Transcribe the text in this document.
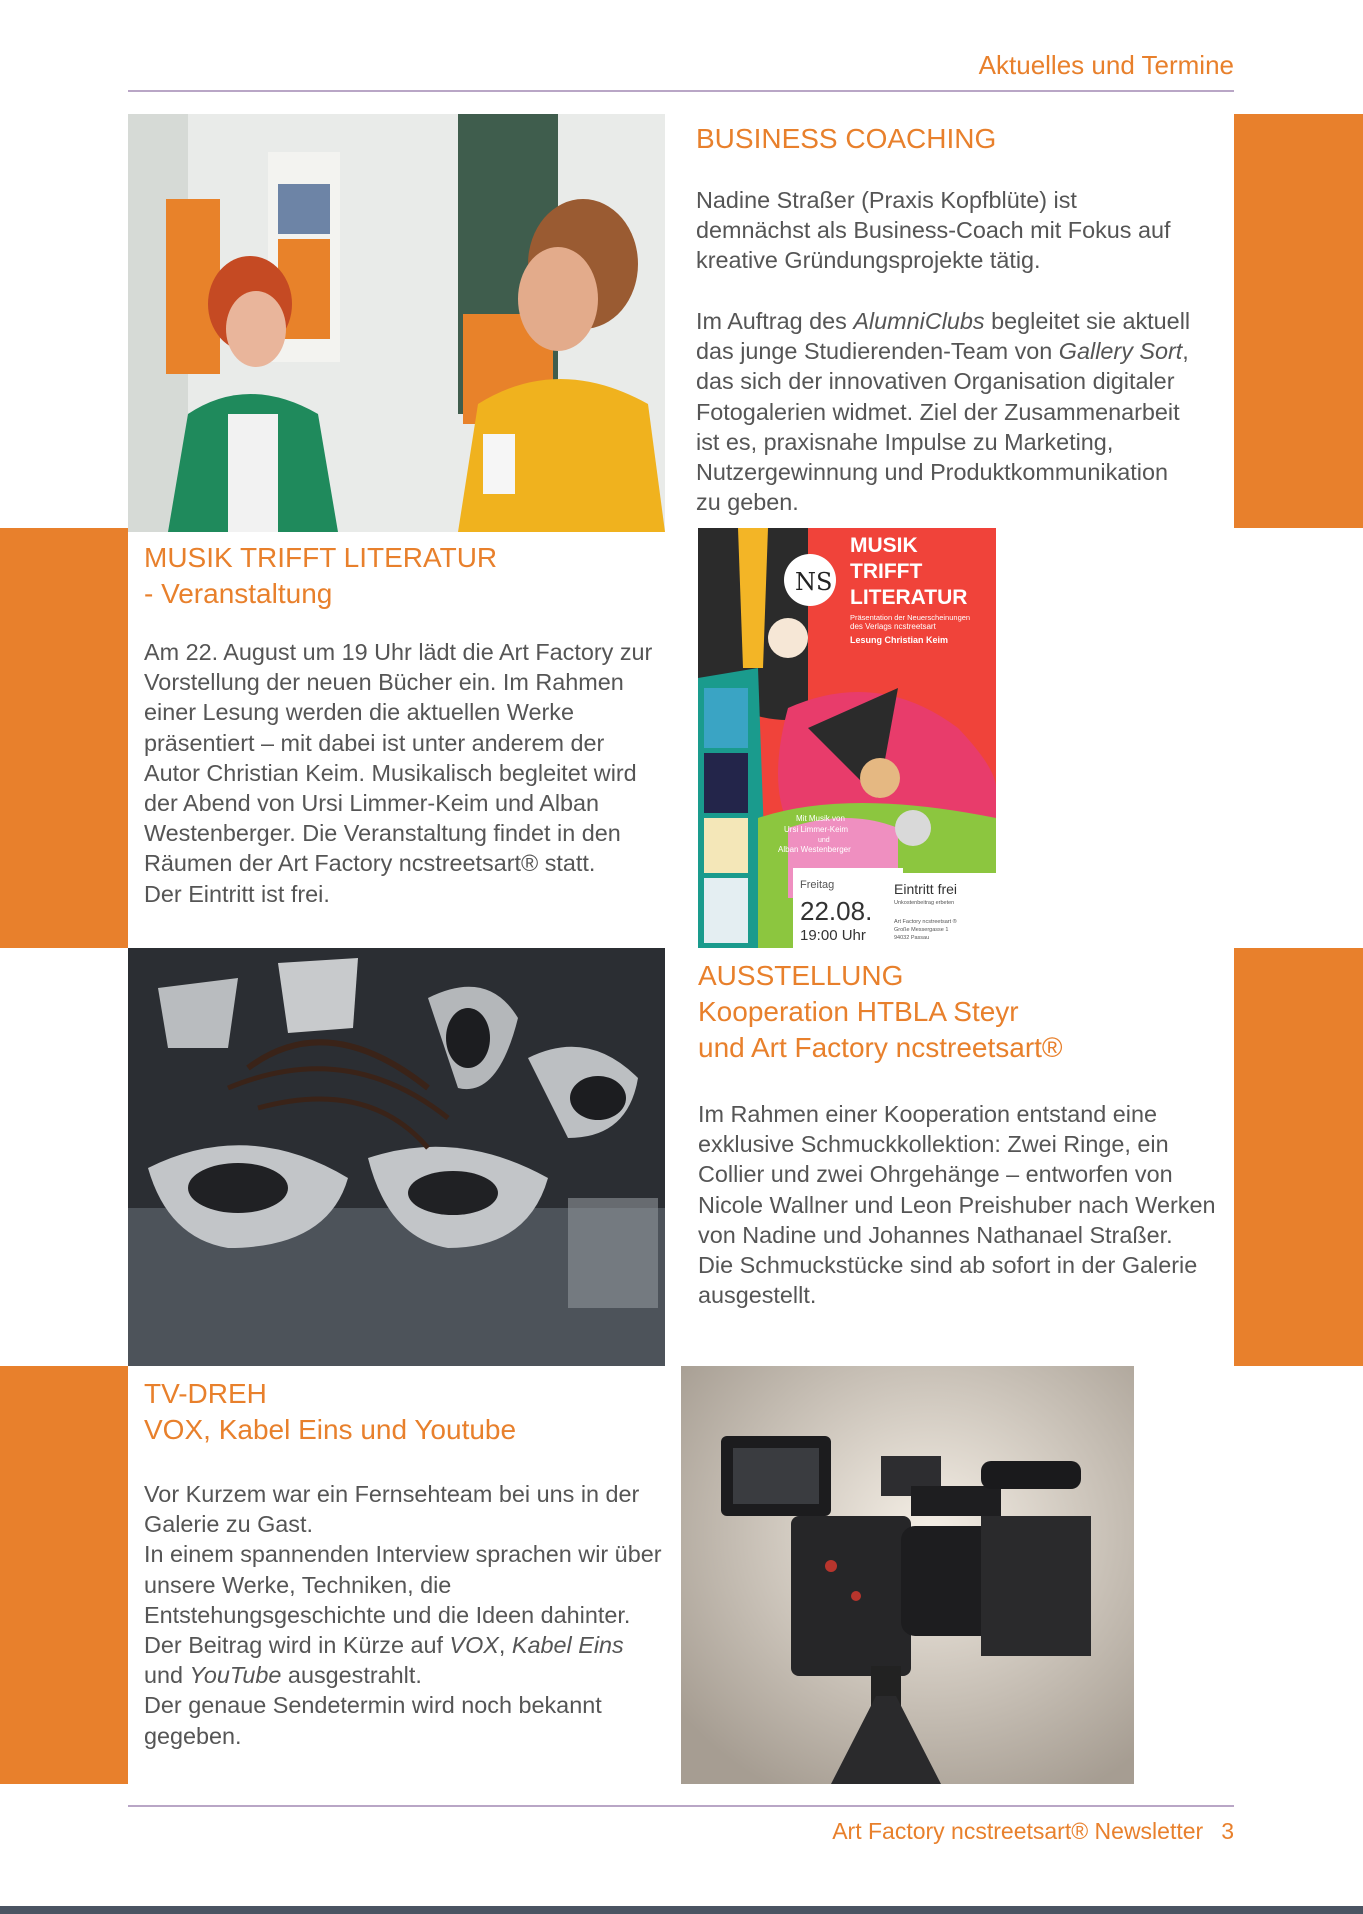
Aktuelles und Termine
BUSINESS COACHING

Nadine Straßer (Praxis Kopfblüte) ist demnächst als Business-Coach mit Fokus auf kreative Gründungsprojekte tätig.

Im Auftrag des AlumniClubs begleitet sie aktuell das junge Studierenden-Team von Gallery Sort, das sich der innovativen Organisation digitaler Fotogalerien widmet. Ziel der Zusammenarbeit ist es, praxisnahe Impulse zu Marketing, Nutzergewinnung und Produktkommunikation zu geben.

MUSIK TRIFFT LITERATUR
- Veranstaltung

Am 22. August um 19 Uhr lädt die Art Factory zur Vorstellung der neuen Bücher ein. Im Rahmen einer Lesung werden die aktuellen Werke präsentiert – mit dabei ist unter anderem der Autor Christian Keim. Musikalisch begleitet wird der Abend von Ursi Limmer-Keim und Alban Westenberger. Die Veranstaltung findet in den Räumen der Art Factory ncstreetsart® statt.
Der Eintritt ist frei.

NS
MUSIK
TRIFFT
LITERATUR
Präsentation der Neuerscheinungen
des Verlags ncstreetsart
Lesung Christian Keim
Mit Musik von
Ursi Limmer-Keim
und
Alban Westenberger
Freitag
22.08.
19:00 Uhr
Eintritt frei
Unkostenbeitrag erbeten
Art Factory ncstreetsart ®
Große Messergasse 1
94032 Passau
AUSSTELLUNG
Kooperation HTBLA Steyr
und Art Factory ncstreetsart®

Im Rahmen einer Kooperation entstand eine exklusive Schmuckkollektion: Zwei Ringe, ein Collier und zwei Ohrgehänge – entworfen von Nicole Wallner und Leon Preishuber nach Werken von Nadine und Johannes Nathanael Straßer.
Die Schmuckstücke sind ab sofort in der Galerie ausgestellt.

TV-DREH
VOX, Kabel Eins und Youtube

Vor Kurzem war ein Fernsehteam bei uns in der Galerie zu Gast.
In einem spannenden Interview sprachen wir über unsere Werke, Techniken, die Entstehungsgeschichte und die Ideen dahinter.
Der Beitrag wird in Kürze auf VOX, Kabel Eins und YouTube ausgestrahlt.
Der genaue Sendetermin wird noch bekannt gegeben.

Art Factory ncstreetsart® Newsletter 3
